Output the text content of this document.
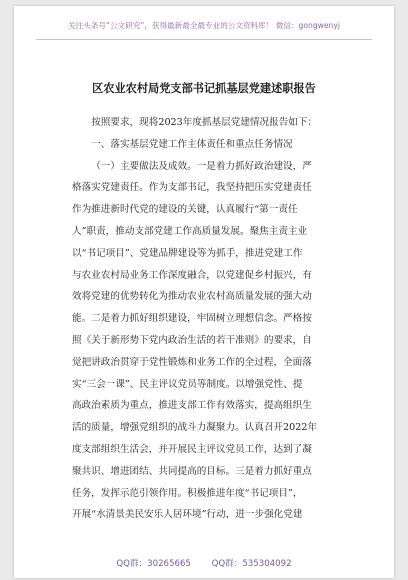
关注头条号“公文研究”，获得最新最全最专业的公文资料库！ 微信：gongwenyj
区农业农村局党支部书记抓基层党建述职报告
按照要求，现将2023年度抓基层党建情况报告如下：
一、落实基层党建工作主体责任和重点任务情况
（一）主要做法及成效。一是着力抓好政治建设，严
格落实党建责任。作为支部书记，我坚持把压实党建责任
作为推进新时代党的建设的关键，认真履行“第一责任
人”职责，推动支部党建工作高质量发展。聚焦主责主业
以“书记项目”、党建品牌建设等为抓手，推进党建工作
与农业农村局业务工作深度融合，以党建促乡村振兴，有
效将党建的优势转化为推动农业农村高质量发展的强大动
能。二是着力抓好组织建设，牢固树立理想信念。严格按
照《关于新形势下党内政治生活的若干准则》的要求，自
觉把讲政治贯穿于党性锻炼和业务工作的全过程，全面落
实“三会一课”、民主评议党员等制度。以增强党性、提
高政治素质为重点，推进支部工作有效落实，提高组织生
活的质量，增强党组织的战斗力凝聚力。认真召开2022年
度支部组织生活会，并开展民主评议党员工作，达到了凝
聚共识、增进团结、共同提高的目标。三是着力抓好重点
任务，发挥示范引领作用。积极推进年度“书记项目”，
开展“水清景美民安乐人居环境”行动，进一步强化党建
QQ群：30265665 QQ群：535304092
